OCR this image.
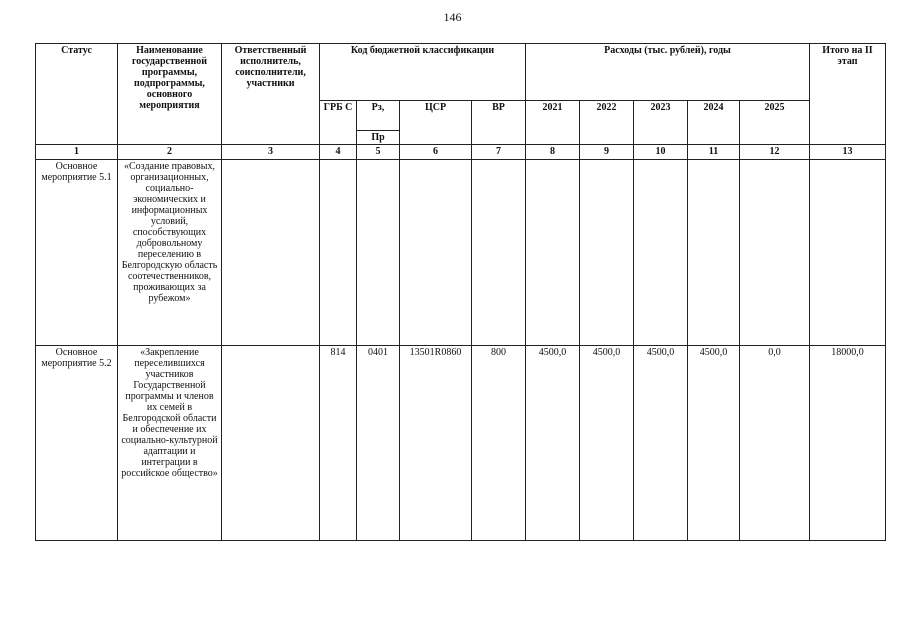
146
Статус	Наименование государственной программы, подпрограммы, основного мероприятия	Ответственный исполнитель, соисполнители, участники	Код бюджетной классификации				Расходы (тыс. рублей), годы					Итого на II этап
			ГРБ С	Рз,	ЦСР	ВР	2021	2022	2023	2024	2025	
				Пр								
1	2	3	4	5	6	7	8	9	10	11	12	13
Основное мероприятие 5.1	«Создание правовых, организационных, социально-экономических и информационных условий, способствующих добровольному переселению в Белгородскую область соотечественников, проживающих за рубежом»											
Основное мероприятие 5.2	«Закрепление переселившихся участников Государственной программы и членов их семей в Белгородской области и обеспечение их социально-культурной адаптации и интеграции в российское общество»		814	0401	13501R0860	800	4500,0	4500,0	4500,0	4500,0	0,0	18000,0
